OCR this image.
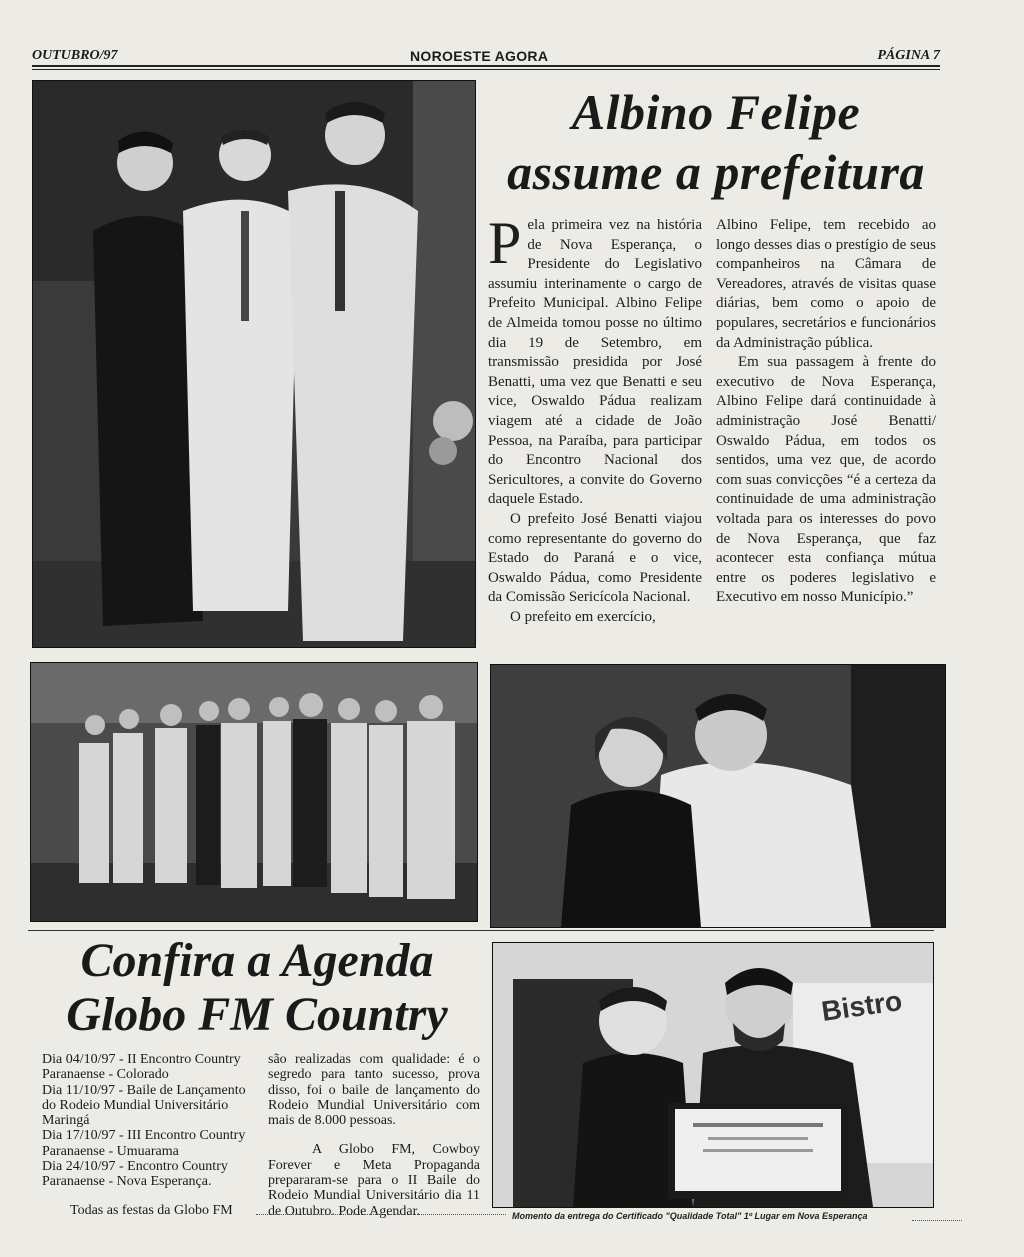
OUTUBRO/97	NOROESTE AGORA	PÁGINA 7
Albino Felipe
assume a prefeitura

Pela primeira vez na história de Nova Esperança, o Presidente do Legislativo assumiu interinamente o cargo de Prefeito Municipal. Albino Felipe de Almeida tomou posse no último dia 19 de Setembro, em transmissão presidida por José Benatti, uma vez que Benatti e seu vice, Oswaldo Pádua realizam viagem até a cidade de João Pessoa, na Paraíba, para participar do Encontro Nacional dos Sericultores, a convite do Governo daquele Estado.

O prefeito José Benatti viajou como representante do governo do Estado do Paraná e o vice, Oswaldo Pádua, como Presidente da Comissão Sericícola Nacional.

O prefeito em exercício,

Albino Felipe, tem recebido ao longo desses dias o prestígio de seus companheiros na Câmara de Vereadores, através de visitas quase diárias, bem como o apoio de populares, secretários e funcionários da Administração pública.

Em sua passagem à frente do executivo de Nova Esperança, Albino Felipe dará continuidade à administração José Benatti/ Oswaldo Pádua, em todos os sentidos, uma vez que, de acordo com suas convicções “é a certeza da continuidade de uma administração voltada para os interesses do povo de Nova Esperança, que faz acontecer esta confiança mútua entre os poderes legislativo e Executivo em nosso Município.”

Confira a Agenda
Globo FM Country
Dia 04/10/97 - II Encontro Country Paranaense - Colorado
Dia 11/10/97 - Baile de Lançamento do Rodeio Mundial Universitário Maringá
Dia 17/10/97 - III Encontro Country Paranaense - Umuarama
Dia 24/10/97 - Encontro Country Paranaense - Nova Esperança.

são realizadas com qualidade: é o segredo para tanto sucesso, prova disso, foi o baile de lançamento do Rodeio Mundial Universitário com mais de 8.000 pessoas.

A Globo FM, Cowboy Forever e Meta Propaganda prepararam-se para o II Baile do Rodeio Mundial Universitário dia 11 de Outubro. Pode Agendar.

Todas as festas da Globo FM
Bistro
Momento da entrega do Certificado "Qualidade Total" 1º Lugar em Nova Esperança
